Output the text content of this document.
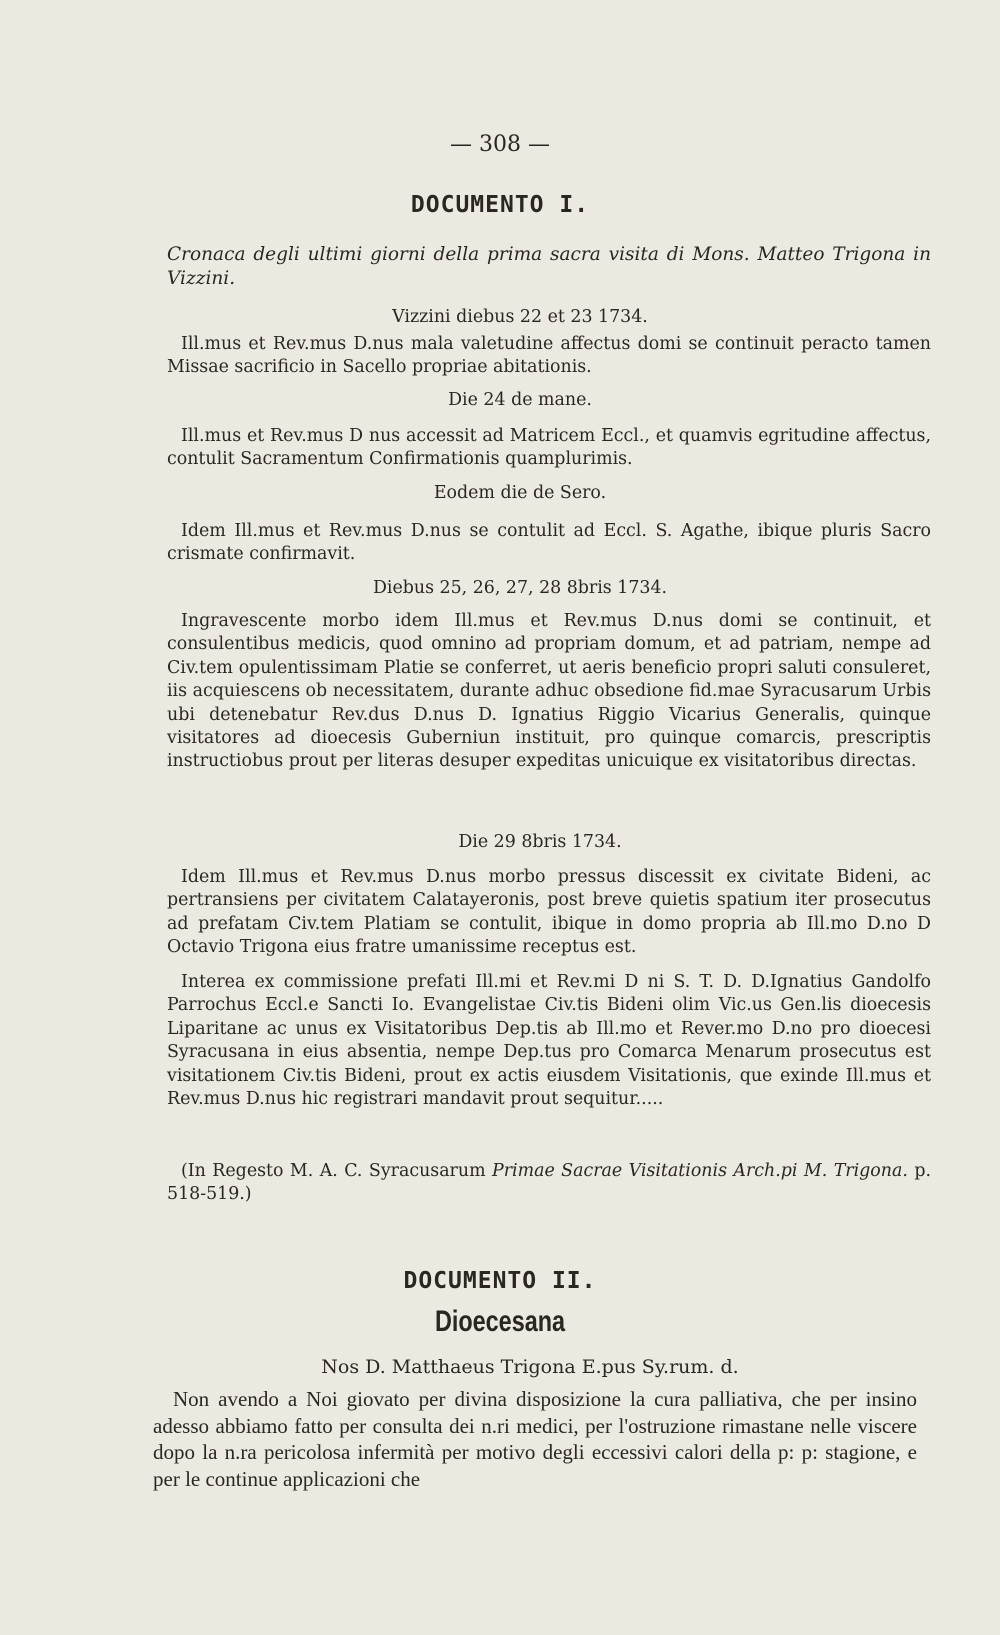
— 308 —
DOCUMENTO I.
Cronaca degli ultimi giorni della prima sacra visita di Mons. Matteo Trigona in Vizzini.
Vizzini diebus 22 et 23 1734.

Ill.mus et Rev.mus D.nus mala valetudine affectus domi se continuit peracto tamen Missae sacrificio in Sacello propriae abitationis.

Die 24 de mane.

Ill.mus et Rev.mus D nus accessit ad Matricem Eccl., et quamvis egritudine affectus, contulit Sacramentum Confirmationis quamplurimis.

Eodem die de Sero.

Idem Ill.mus et Rev.mus D.nus se contulit ad Eccl. S. Agathe, ibique pluris Sacro crismate confirmavit.

Diebus 25, 26, 27, 28 8bris 1734.

Ingravescente morbo idem Ill.mus et Rev.mus D.nus domi se continuit, et consulentibus medicis, quod omnino ad propriam domum, et ad patriam, nempe ad Civ.tem opulentissimam Platie se conferret, ut aeris beneficio propri saluti consuleret, iis acquiescens ob necessitatem, durante adhuc obsedione fid.mae Syracusarum Urbis ubi detenebatur Rev.dus D.nus D. Ignatius Riggio Vicarius Generalis, quinque visitatores ad dioecesis Guberniun instituit, pro quinque comarcis, prescriptis instructiobus prout per literas desuper expeditas unicuique ex visitatoribus directas.

Die 29 8bris 1734.

Idem Ill.mus et Rev.mus D.nus morbo pressus discessit ex civitate Bideni, ac pertransiens per civitatem Calatayeronis, post breve quietis spatium iter prosecutus ad prefatam Civ.tem Platiam se contulit, ibique in domo propria ab Ill.mo D.no D Octavio Trigona eius fratre umanissime receptus est.

Interea ex commissione prefati Ill.mi et Rev.mi D ni S. T. D. D.Ignatius Gandolfo Parrochus Eccl.e Sancti Io. Evangelistae Civ.tis Bideni olim Vic.us Gen.lis dioecesis Liparitane ac unus ex Visitatoribus Dep.tis ab Ill.mo et Rever.mo D.no pro dioecesi Syracusana in eius absentia, nempe Dep.tus pro Comarca Menarum prosecutus est visitationem Civ.tis Bideni, prout ex actis eiusdem Visitationis, que exinde Ill.mus et Rev.mus D.nus hic registrari mandavit prout sequitur.....

(In Regesto M. A. C. Syracusarum Primae Sacrae Visitationis Arch.pi M. Trigona. p. 518-519.)

DOCUMENTO II.
Dioecesana
Nos D. Matthaeus Trigona E.pus Sy.rum. d.

Non avendo a Noi giovato per divina disposizione la cura palliativa, che per insino adesso abbiamo fatto per consulta dei n.ri medici, per l'ostruzione rimastane nelle viscere dopo la n.ra pericolosa infermità per motivo degli eccessivi calori della p: p: stagione, e per le continue applicazioni che
